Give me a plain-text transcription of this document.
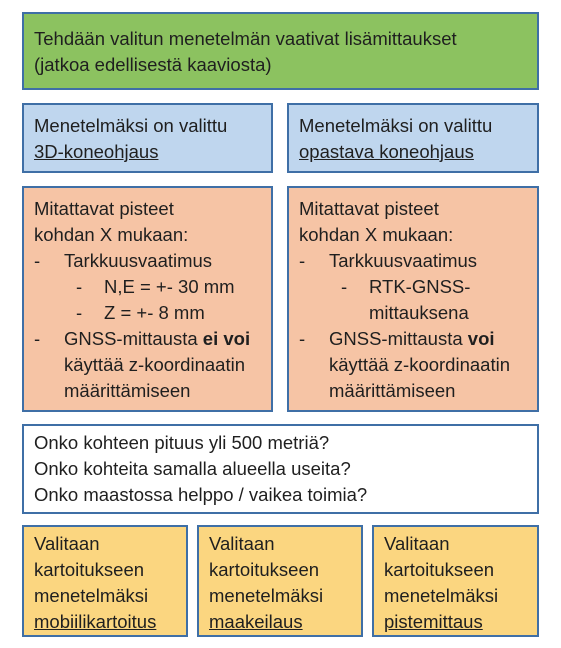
Tehdään valitun menetelmän vaativat lisämittaukset
(jatkoa edellisestä kaaviosta)
Menetelmäksi on valittu
3D-koneohjaus
Menetelmäksi on valittu
opastava koneohjaus
Mitattavat pisteet
kohdan X mukaan:
-	Tarkkuusvaatimus
-	N,E = +- 30 mm
-	Z = +- 8 mm
-	GNSS-mittausta ei voi
käyttää z-koordinaatin
määrittämiseen
Mitattavat pisteet
kohdan X mukaan:
-	Tarkkuusvaatimus
-	RTK-GNSS-
mittauksena
-	GNSS-mittausta voi
käyttää z-koordinaatin
määrittämiseen
Onko kohteen pituus yli 500 metriä?
Onko kohteita samalla alueella useita?
Onko maastossa helppo / vaikea toimia?
Valitaan
kartoitukseen
menetelmäksi
mobiilikartoitus
Valitaan
kartoitukseen
menetelmäksi
maakeilaus
Valitaan
kartoitukseen
menetelmäksi
pistemittaus
